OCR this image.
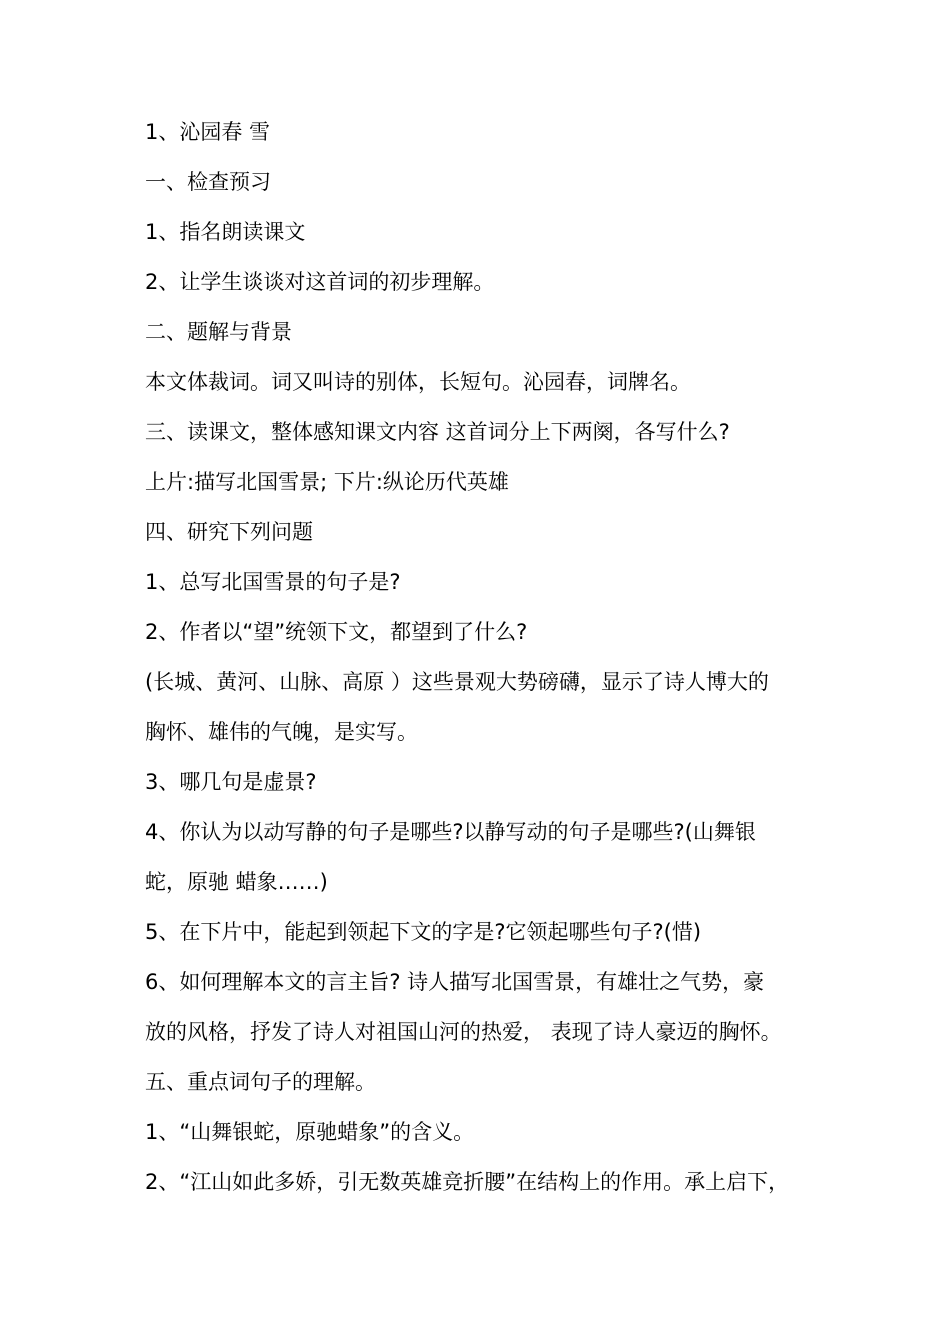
1、沁园春 雪
一、检查预习
1、指名朗读课文
2、让学生谈谈对这首词的初步理解。
二、题解与背景
本文体裁词。词又叫诗的别体，长短句。沁园春，词牌名。
三、读课文，整体感知课文内容 这首词分上下两阕，各写什么?
上片:描写北国雪景; 下片:纵论历代英雄
四、研究下列问题
1、总写北国雪景的句子是?
2、作者以“望”统领下文，都望到了什么?
(长城、黄河、山脉、高原 ）这些景观大势磅礴，显示了诗人博大的
胸怀、雄伟的气魄，是实写。
3、哪几句是虚景?
4、你认为以动写静的句子是哪些?以静写动的句子是哪些?(山舞银
蛇，原驰 蜡象……)
5、在下片中，能起到领起下文的字是?它领起哪些句子?(惜)
6、如何理解本文的言主旨? 诗人描写北国雪景，有雄壮之气势，豪
放的风格，抒发了诗人对祖国山河的热爱， 表现了诗人豪迈的胸怀。
五、重点词句子的理解。
1、“山舞银蛇，原驰蜡象”的含义。
2、“江山如此多娇，引无数英雄竞折腰”在结构上的作用。承上启下，
